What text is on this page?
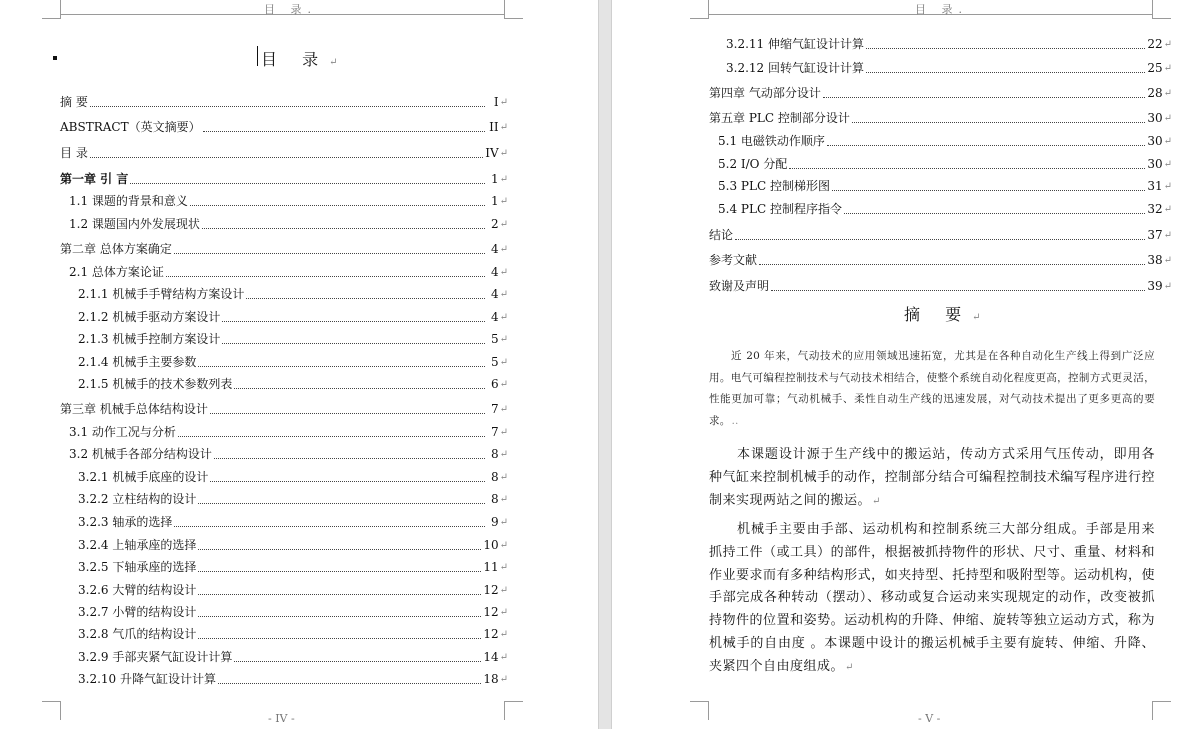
目 录.
目 录↵
摘 要	I ↵
ABSTRACT（英文摘要）	II ↵
目 录	IV ↵
第一章 引 言	1 ↵
1.1 课题的背景和意义	1 ↵
1.2 课题国内外发展现状	2 ↵
第二章 总体方案确定	4 ↵
2.1 总体方案论证	4 ↵
2.1.1 机械手手臂结构方案设计	4 ↵
2.1.2 机械手驱动方案设计	4 ↵
2.1.3 机械手控制方案设计	5 ↵
2.1.4 机械手主要参数	5 ↵
2.1.5 机械手的技术参数列表	6 ↵
第三章 机械手总体结构设计	7 ↵
3.1 动作工况与分析	7 ↵
3.2 机械手各部分结构设计	8 ↵
3.2.1 机械手底座的设计	8 ↵
3.2.2 立柱结构的设计	8 ↵
3.2.3 轴承的选择	9 ↵
3.2.4 上轴承座的选择	10 ↵
3.2.5 下轴承座的选择	11 ↵
3.2.6 大臂的结构设计	12 ↵
3.2.7 小臂的结构设计	12 ↵
3.2.8 气爪的结构设计	12 ↵
3.2.9 手部夹紧气缸设计计算	14 ↵
3.2.10 升降气缸设计计算	18 ↵
- IV -
目 录.
3.2.11 伸缩气缸设计计算	22 ↵
3.2.12 回转气缸设计计算	25 ↵
第四章 气动部分设计	28 ↵
第五章 PLC 控制部分设计	30 ↵
5.1 电磁铁动作顺序	30 ↵
5.2 I/O 分配	30 ↵
5.3 PLC 控制梯形图	31 ↵
5.4 PLC 控制程序指令	32 ↵
结论	37 ↵
参考文献	38 ↵
致谢及声明	39 ↵
摘 要↵
近 20 年来，气动技术的应用领域迅速拓宽，尤其是在各种自动化生产线上得到广泛应用。电气可编程控制技术与气动技术相结合，使整个系统自动化程度更高，控制方式更灵活，性能更加可靠；气动机械手、柔性自动生产线的迅速发展，对气动技术提出了更多更高的要求。..
本课题设计源于生产线中的搬运站，传动方式采用气压传动，即用各种气缸来控制机械手的动作，控制部分结合可编程控制技术编写程序进行控制来实现两站之间的搬运。↵
机械手主要由手部、运动机构和控制系统三大部分组成。手部是用来抓持工件（或工具）的部件，根据被抓持物件的形状、尺寸、重量、材料和作业要求而有多种结构形式，如夹持型、托持型和吸附型等。运动机构，使手部完成各种转动（摆动）、移动或复合运动来实现规定的动作，改变被抓持物件的位置和姿势。运动机构的升降、伸缩、旋转等独立运动方式，称为机械手的自由度 。本课题中设计的搬运机械手主要有旋转、伸缩、升降、夹紧四个自由度组成。↵
- V -
